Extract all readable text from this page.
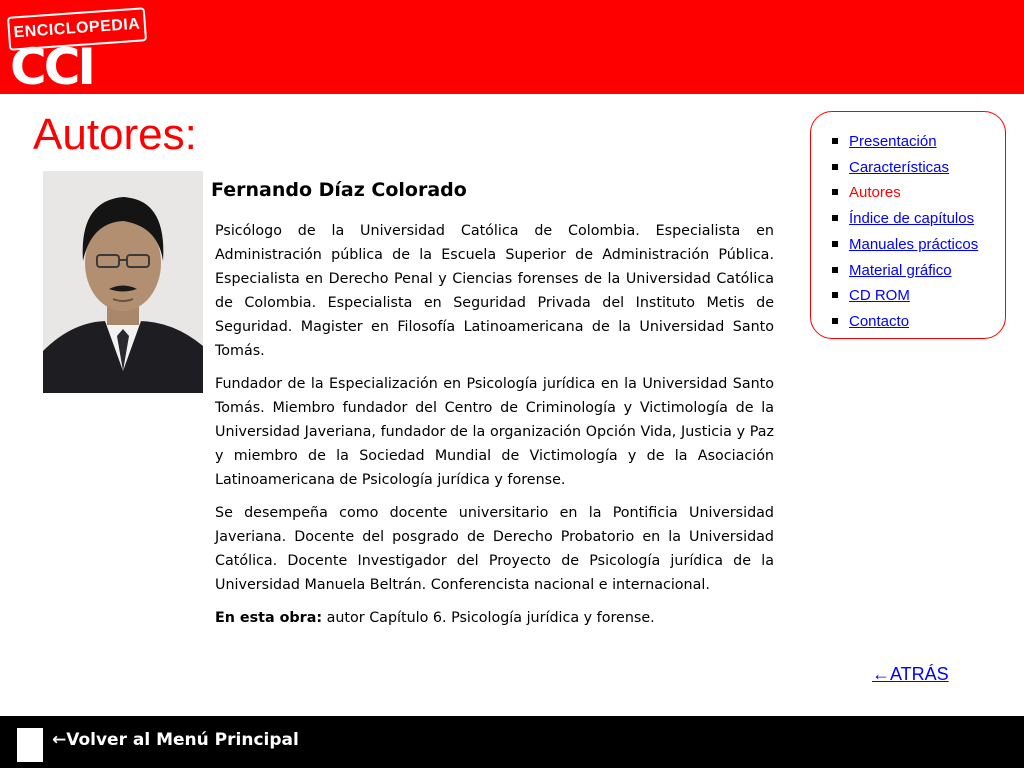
ENCICLOPEDIA
CCI
Autores:
Fernando Díaz Colorado

Psicólogo de la Universidad Católica de Colombia. Especialista en Administración pública de la Escuela Superior de Administración Pública. Especialista en Derecho Penal y Ciencias forenses de la Universidad Católica de Colombia. Especialista en Seguridad Privada del Instituto Metis de Seguridad. Magister en Filosofía Latinoamericana de la Universidad Santo Tomás.

Fundador de la Especialización en Psicología jurídica en la Universidad Santo Tomás. Miembro fundador del Centro de Criminología y Victimología de la Universidad Javeriana, fundador de la organización Opción Vida, Justicia y Paz y miembro de la Sociedad Mundial de Victimología y de la Asociación Latinoamericana de Psicología jurídica y forense.

Se desempeña como docente universitario en la Pontificia Universidad Javeriana. Docente del posgrado de Derecho Probatorio en la Universidad Católica. Docente Investigador del Proyecto de Psicología jurídica de la Universidad Manuela Beltrán. Conferencista nacional e internacional.

En esta obra: autor Capítulo 6. Psicología jurídica y forense.

Presentación
Características
Autores
Índice de capítulos
Manuales prácticos
Material gráfico
CD ROM
Contacto
←ATRÁS
←Volver al Menú Principal
